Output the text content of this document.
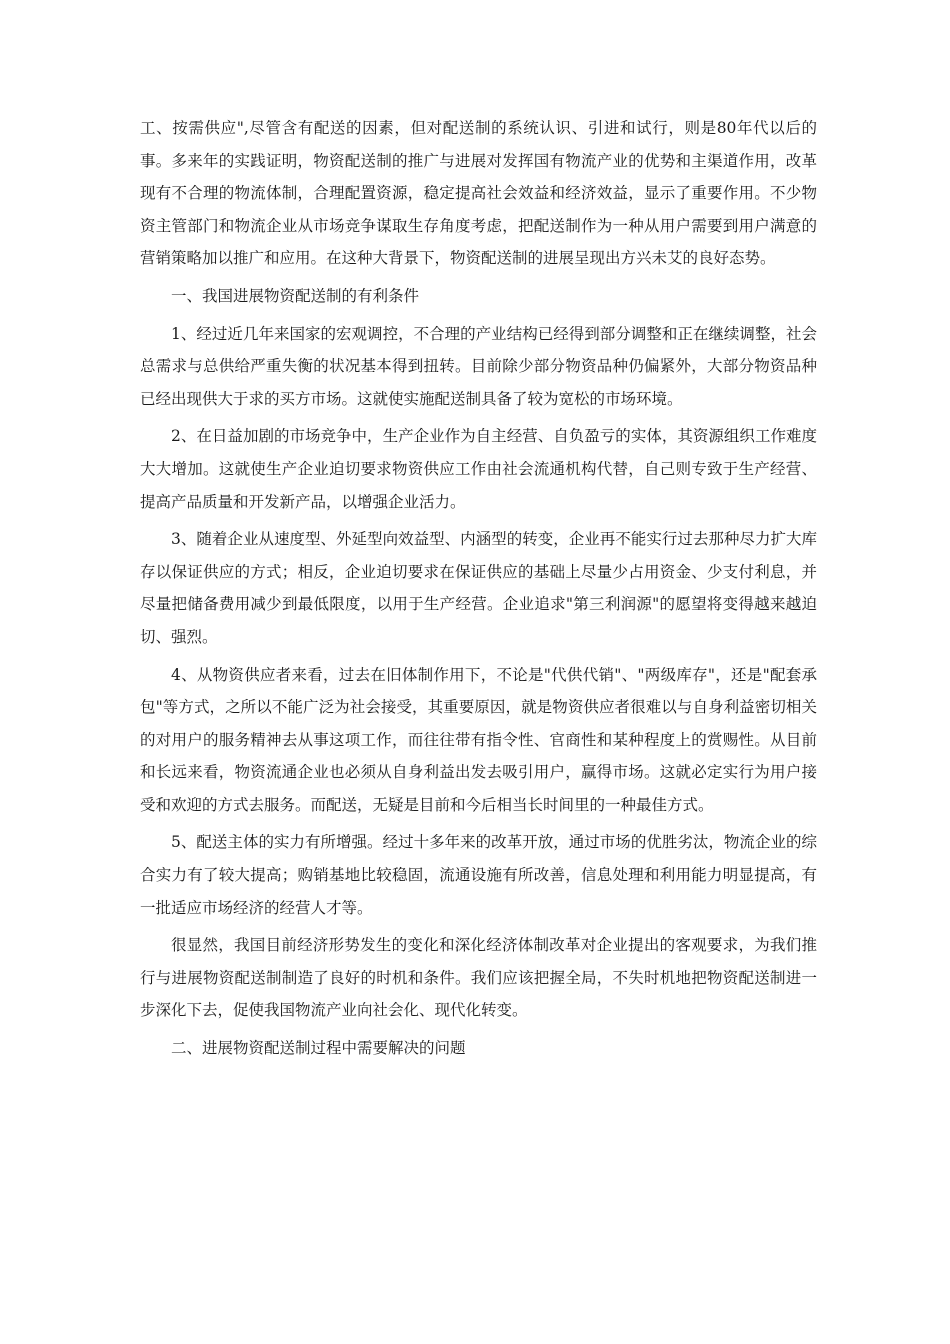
工、按需供应",尽管含有配送的因素，但对配送制的系统认识、引进和试行，则是80年代以后的事。多来年的实践证明，物资配送制的推广与进展对发挥国有物流产业的优势和主渠道作用，改革现有不合理的物流体制，合理配置资源，稳定提高社会效益和经济效益，显示了重要作用。不少物资主管部门和物流企业从市场竞争谋取生存角度考虑，把配送制作为一种从用户需要到用户满意的营销策略加以推广和应用。在这种大背景下，物资配送制的进展呈现出方兴未艾的良好态势。

一、我国进展物资配送制的有利条件

1、经过近几年来国家的宏观调控，不合理的产业结构已经得到部分调整和正在继续调整，社会总需求与总供给严重失衡的状况基本得到扭转。目前除少部分物资品种仍偏紧外，大部分物资品种已经出现供大于求的买方市场。这就使实施配送制具备了较为宽松的市场环境。

2、在日益加剧的市场竞争中，生产企业作为自主经营、自负盈亏的实体，其资源组织工作难度大大增加。这就使生产企业迫切要求物资供应工作由社会流通机构代替，自己则专致于生产经营、提高产品质量和开发新产品，以增强企业活力。

3、随着企业从速度型、外延型向效益型、内涵型的转变，企业再不能实行过去那种尽力扩大库存以保证供应的方式；相反，企业迫切要求在保证供应的基础上尽量少占用资金、少支付利息，并尽量把储备费用减少到最低限度，以用于生产经营。企业追求"第三利润源"的愿望将变得越来越迫切、强烈。

4、从物资供应者来看，过去在旧体制作用下，不论是"代供代销"、"两级库存"，还是"配套承包"等方式，之所以不能广泛为社会接受，其重要原因，就是物资供应者很难以与自身利益密切相关的对用户的服务精神去从事这项工作，而往往带有指令性、官商性和某种程度上的赏赐性。从目前和长远来看，物资流通企业也必须从自身利益出发去吸引用户，赢得市场。这就必定实行为用户接受和欢迎的方式去服务。而配送，无疑是目前和今后相当长时间里的一种最佳方式。

5、配送主体的实力有所增强。经过十多年来的改革开放，通过市场的优胜劣汰，物流企业的综合实力有了较大提高；购销基地比较稳固，流通设施有所改善，信息处理和利用能力明显提高，有一批适应市场经济的经营人才等。

很显然，我国目前经济形势发生的变化和深化经济体制改革对企业提出的客观要求，为我们推行与进展物资配送制制造了良好的时机和条件。我们应该把握全局，不失时机地把物资配送制进一步深化下去，促使我国物流产业向社会化、现代化转变。

二、进展物资配送制过程中需要解决的问题
